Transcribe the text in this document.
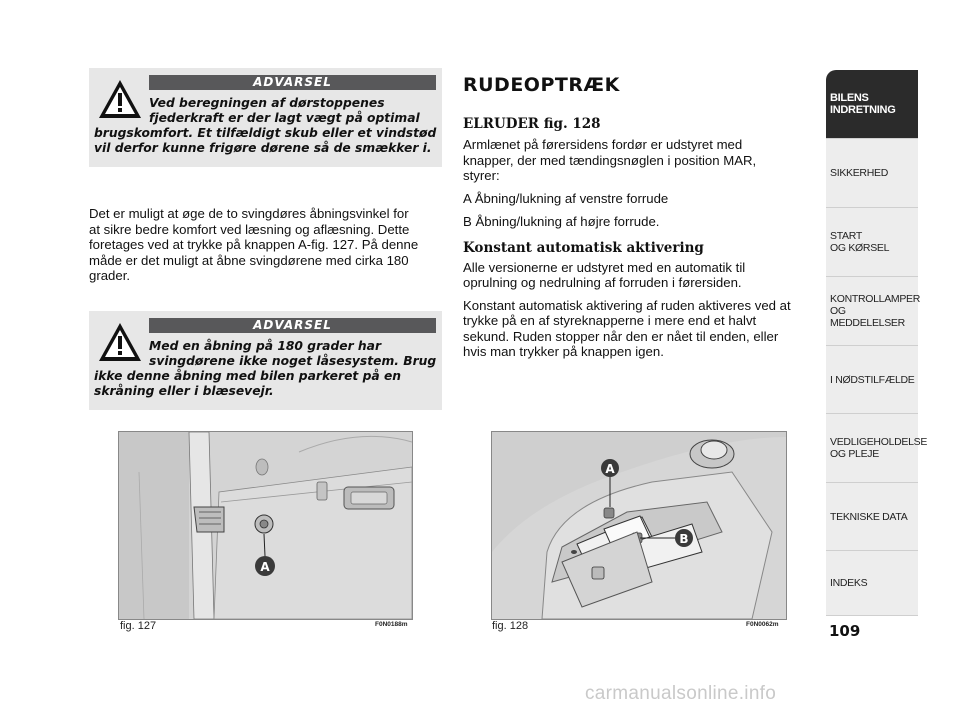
ADVARSEL
Ved beregningen af dørstoppenes
fjederkraft er der lagt vægt på optimal
brugskomfort. Et tilfældigt skub eller et vindstød
vil derfor kunne frigøre dørene så de smækker i.

Det er muligt at øge de to svingdøres åbningsvinkel for

at sikre bedre komfort ved læsning og aflæsning. Dette

foretages ved at trykke på knappen A-fig. 127. På denne

måde er det muligt at åbne svingdørene med cirka 180

grader.

ADVARSEL
Med en åbning på 180 grader har
svingdørene ikke noget låsesystem. Brug
ikke denne åbning med bilen parkeret på en
skråning eller i blæsevejr.
RUDEOPTRÆK
ELRUDER fig. 128

Armlænet på førersidens fordør er udstyret med

knapper, der med tændingsnøglen i position MAR,

styrer:

A Åbning/lukning af venstre forrude

B Åbning/lukning af højre forrude.

Konstant automatisk aktivering

Alle versionerne er udstyret med en automatik til

oprulning og nedrulning af forruden i førersiden.

Konstant automatisk aktivering af ruden aktiveres ved at

trykke på en af styreknapperne i mere end et halvt

sekund. Ruden stopper når den er nået til enden, eller

hvis man trykker på knappen igen.

BILENS
INDRETNING
SIKKERHED
START
OG KØRSEL
KONTROLLAMPER
OG MEDDELELSER
I NØDSTILFÆLDE
VEDLIGEHOLDELSE
OG PLEJE
TEKNISKE DATA
INDEKS
A
fig. 127	F0N0188m
A
B
fig. 128	F0N0062m	109
carmanualsonline.info
